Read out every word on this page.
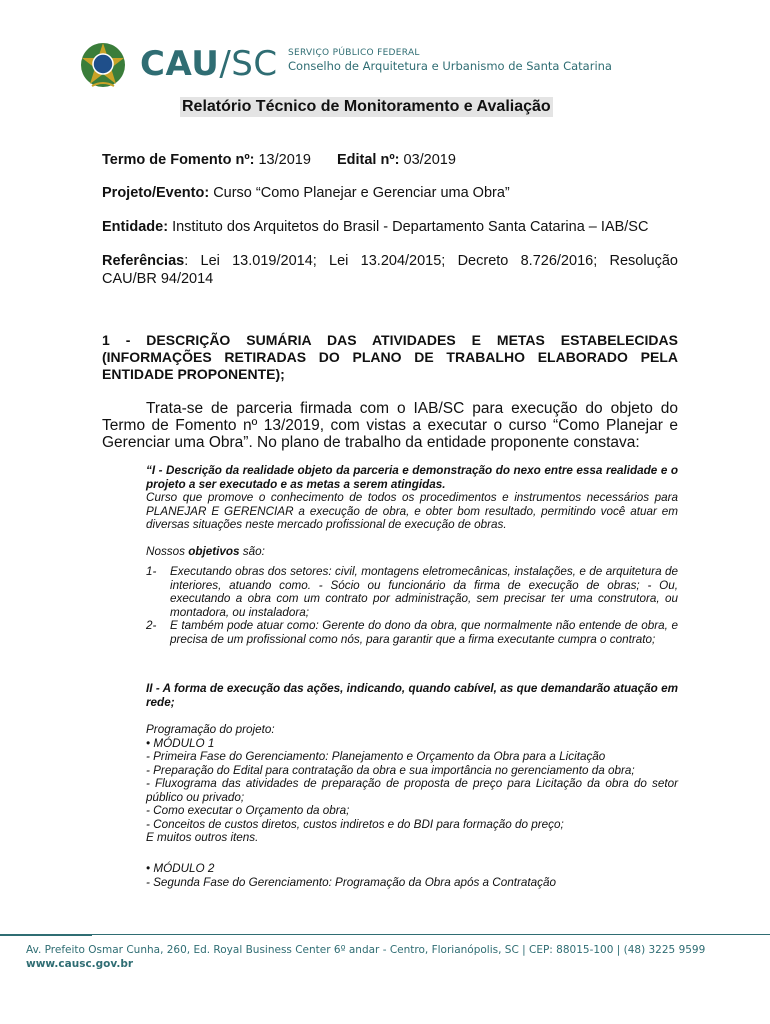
CAU/SC SERVIÇO PÚBLICO FEDERAL
Conselho de Arquitetura e Urbanismo de Santa Catarina
Relatório Técnico de Monitoramento e Avaliação
Termo de Fomento nº: 13/2019 Edital nº: 03/2019
Projeto/Evento: Curso “Como Planejar e Gerenciar uma Obra”
Entidade: Instituto dos Arquitetos do Brasil - Departamento Santa Catarina – IAB/SC
Referências: Lei 13.019/2014; Lei 13.204/2015; Decreto 8.726/2016; Resolução CAU/BR 94/2014
1 - DESCRIÇÃO SUMÁRIA DAS ATIVIDADES E METAS ESTABELECIDAS (INFORMAÇÕES RETIRADAS DO PLANO DE TRABALHO ELABORADO PELA ENTIDADE PROPONENTE);
Trata-se de parceria firmada com o IAB/SC para execução do objeto do Termo de Fomento nº 13/2019, com vistas a executar o curso “Como Planejar e Gerenciar uma Obra”. No plano de trabalho da entidade proponente constava:
“I - Descrição da realidade objeto da parceria e demonstração do nexo entre essa realidade e o projeto a ser executado e as metas a serem atingidas.
Curso que promove o conhecimento de todos os procedimentos e instrumentos necessários para PLANEJAR E GERENCIAR a execução de obra, e obter bom resultado, permitindo você atuar em diversas situações neste mercado profissional de execução de obras.
Nossos objetivos são:
1- Executando obras dos setores: civil, montagens eletromecânicas, instalações, e de arquitetura de interiores, atuando como. - Sócio ou funcionário da firma de execução de obras; - Ou, executando a obra com um contrato por administração, sem precisar ter uma construtora, ou montadora, ou instaladora;
2- E também pode atuar como: Gerente do dono da obra, que normalmente não entende de obra, e precisa de um profissional como nós, para garantir que a firma executante cumpra o contrato;
II - A forma de execução das ações, indicando, quando cabível, as que demandarão atuação em rede;
Programação do projeto:
• MÓDULO 1
- Primeira Fase do Gerenciamento: Planejamento e Orçamento da Obra para a Licitação
- Preparação do Edital para contratação da obra e sua importância no gerenciamento da obra;
- Fluxograma das atividades de preparação de proposta de preço para Licitação da obra do setor público ou privado;
- Como executar o Orçamento da obra;
- Conceitos de custos diretos, custos indiretos e do BDI para formação do preço;
E muitos outros itens.
• MÓDULO 2
- Segunda Fase do Gerenciamento: Programação da Obra após a Contratação
Av. Prefeito Osmar Cunha, 260, Ed. Royal Business Center 6º andar - Centro, Florianópolis, SC | CEP: 88015-100 | (48) 3225 9599
www.causc.gov.br
